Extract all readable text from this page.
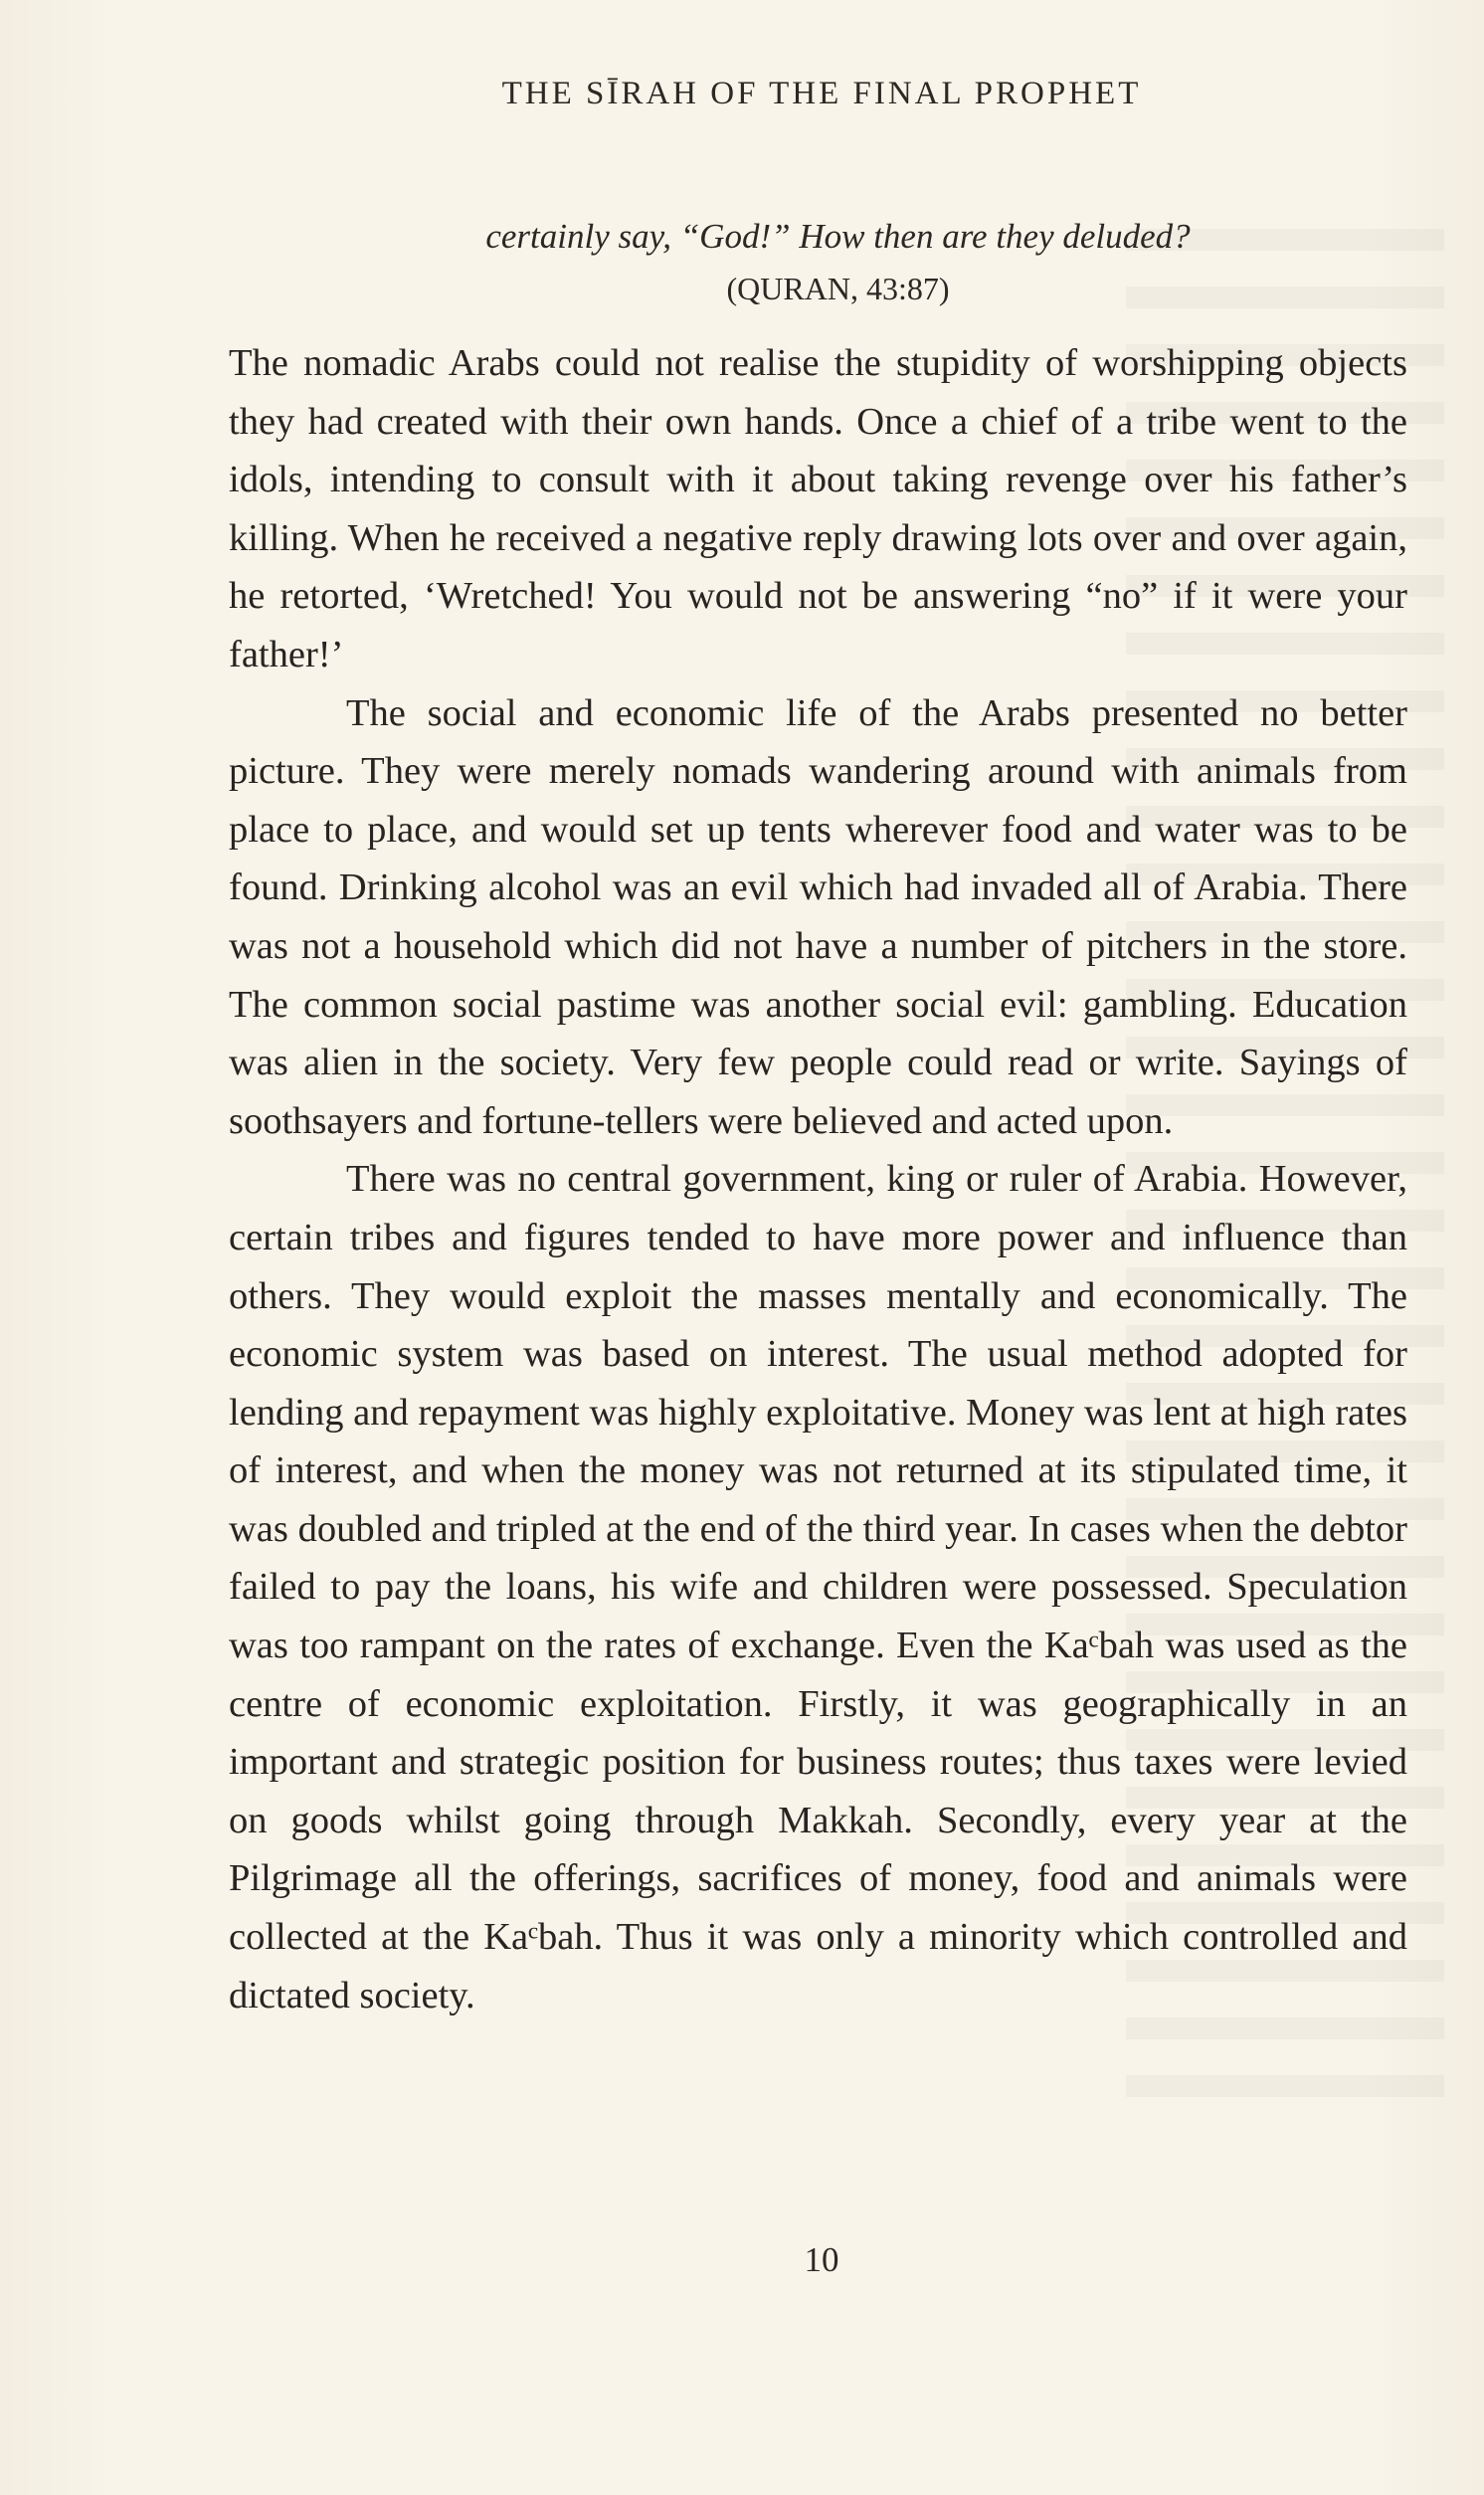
THE SĪRAH OF THE FINAL PROPHET
certainly say, “God!” How then are they deluded?
(QURAN, 43:87)

The nomadic Arabs could not realise the stupidity of worshipping objects they had created with their own hands. Once a chief of a tribe went to the idols, intending to consult with it about taking revenge over his father’s killing. When he received a negative reply drawing lots over and over again, he retorted, ‘Wretched! You would not be answering “no” if it were your father!’

The social and economic life of the Arabs presented no better picture. They were merely nomads wandering around with animals from place to place, and would set up tents wherever food and water was to be found. Drinking alcohol was an evil which had invaded all of Arabia. There was not a household which did not have a number of pitchers in the store. The common social pastime was another social evil: gambling. Education was alien in the society. Very few people could read or write. Sayings of soothsayers and fortune-tellers were believed and acted upon.

There was no central government, king or ruler of Arabia. However, certain tribes and figures tended to have more power and influence than others. They would exploit the masses mentally and economically. The economic system was based on interest. The usual method adopted for lending and repayment was highly exploitative. Money was lent at high rates of interest, and when the money was not returned at its stipulated time, it was doubled and tripled at the end of the third year. In cases when the debtor failed to pay the loans, his wife and children were possessed. Speculation was too rampant on the rates of exchange. Even the Kaᶜbah was used as the centre of economic exploitation. Firstly, it was geographically in an important and strategic position for business routes; thus taxes were levied on goods whilst going through Makkah. Secondly, every year at the Pilgrimage all the offerings, sacrifices of money, food and animals were collected at the Kaᶜbah. Thus it was only a minority which controlled and dictated society.

10
